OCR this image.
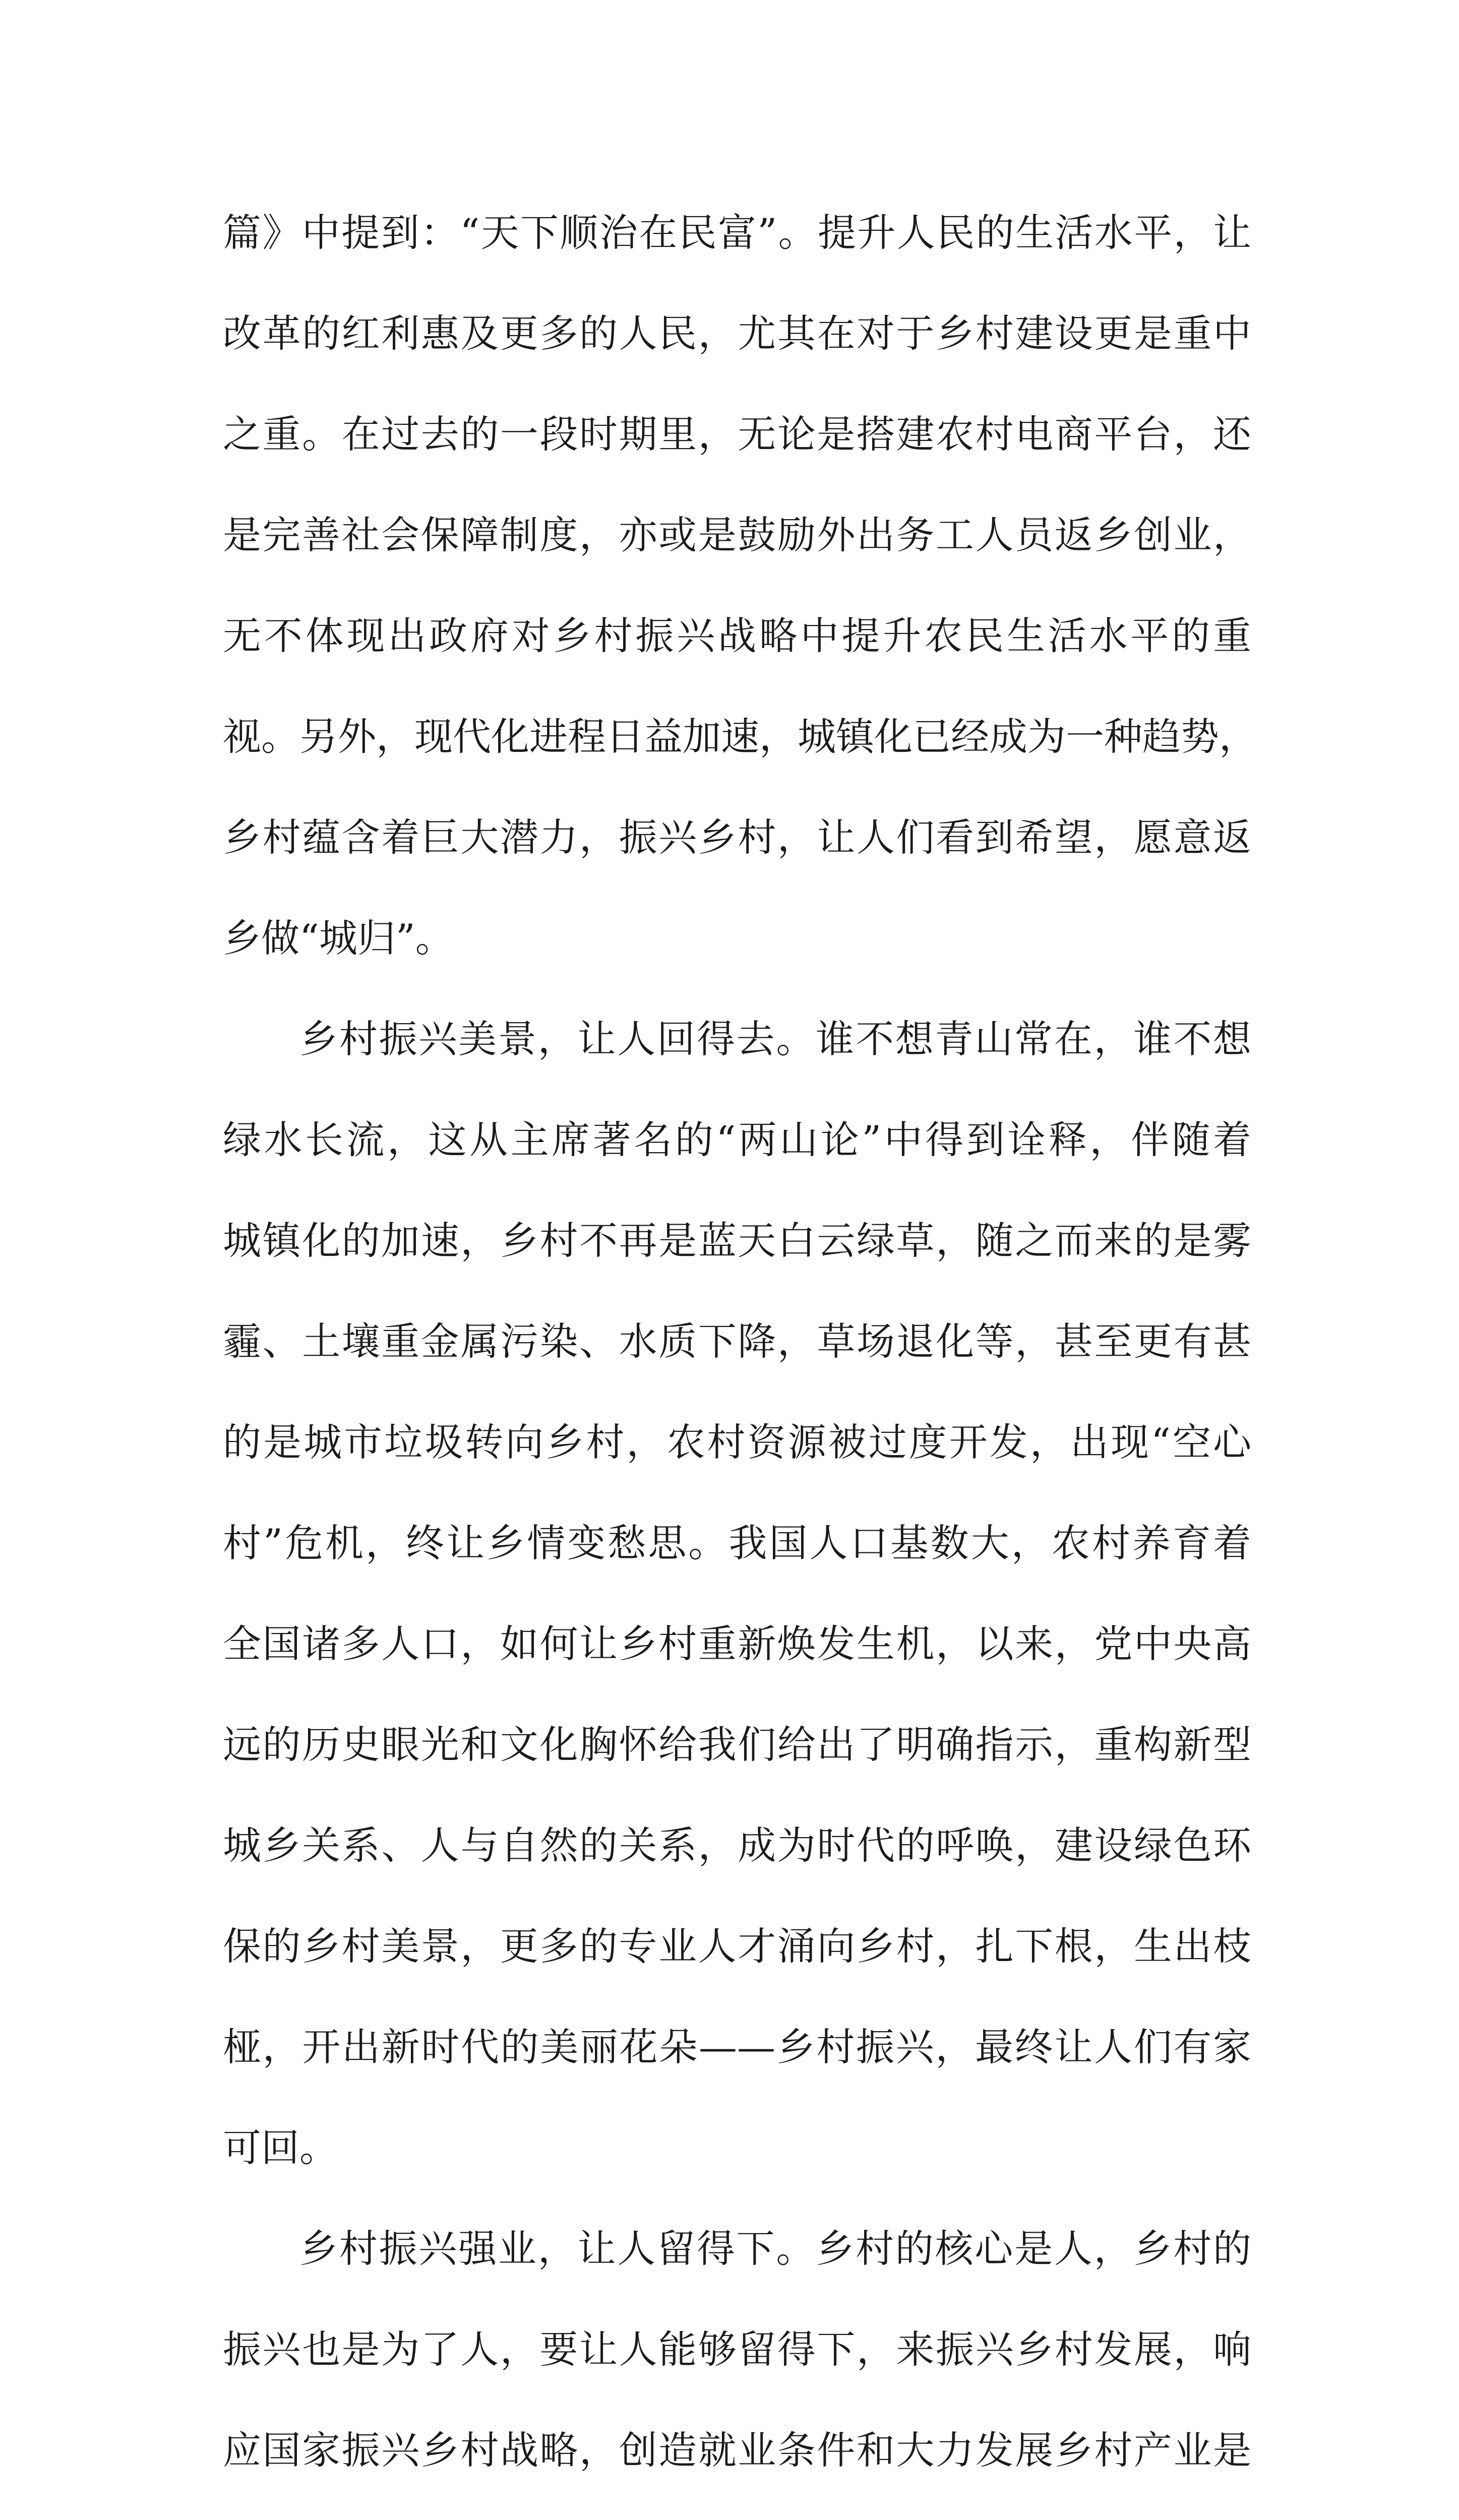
篇》中提到：“天下顺治在民富”。提升人民的生活水平，让
改革的红利惠及更多的人民，尤其在对于乡村建设更是重中
之重。在过去的一段时期里，无论是搭建农村电商平台，还
是完善社会保障制度，亦或是鼓励外出务工人员返乡创业，
无不体现出政府对乡村振兴战略中提升农民生活水平的重
视。另外，现代化进程日益加速，城镇化已经成为一种趋势，
乡村蕴含着巨大潜力，振兴乡村，让人们看到希望，愿意返
乡做“城归”。
乡村振兴美景，让人回得去。谁不想青山常在，谁不想
绿水长流，这从主席著名的“两山论”中得到诠释，伴随着
城镇化的加速，乡村不再是蓝天白云绿草，随之而来的是雾
霾、土壤重金属污染、水质下降，草场退化等，甚至更有甚
的是城市垃圾转向乡村，农村资源被过度开发，出现“空心
村”危机，终让乡情变愁思。我国人口基数大，农村养育着
全国诸多人口，如何让乡村重新焕发生机，以来，党中央高
远的历史眼光和文化胸怀给我们给出了明确指示，重构新型
城乡关系、人与自然的关系，成为时代的呼唤，建设绿色环
保的乡村美景，更多的专业人才涌向乡村，扎下根，生出枝
桠，开出新时代的美丽花朵——乡村振兴，最终让人们有家
可回。
乡村振兴强业，让人留得下。乡村的核心是人，乡村的
振兴也是为了人，要让人能够留得下，来振兴乡村发展，响
应国家振兴乡村战略，创造就业条件和大力发展乡村产业是
